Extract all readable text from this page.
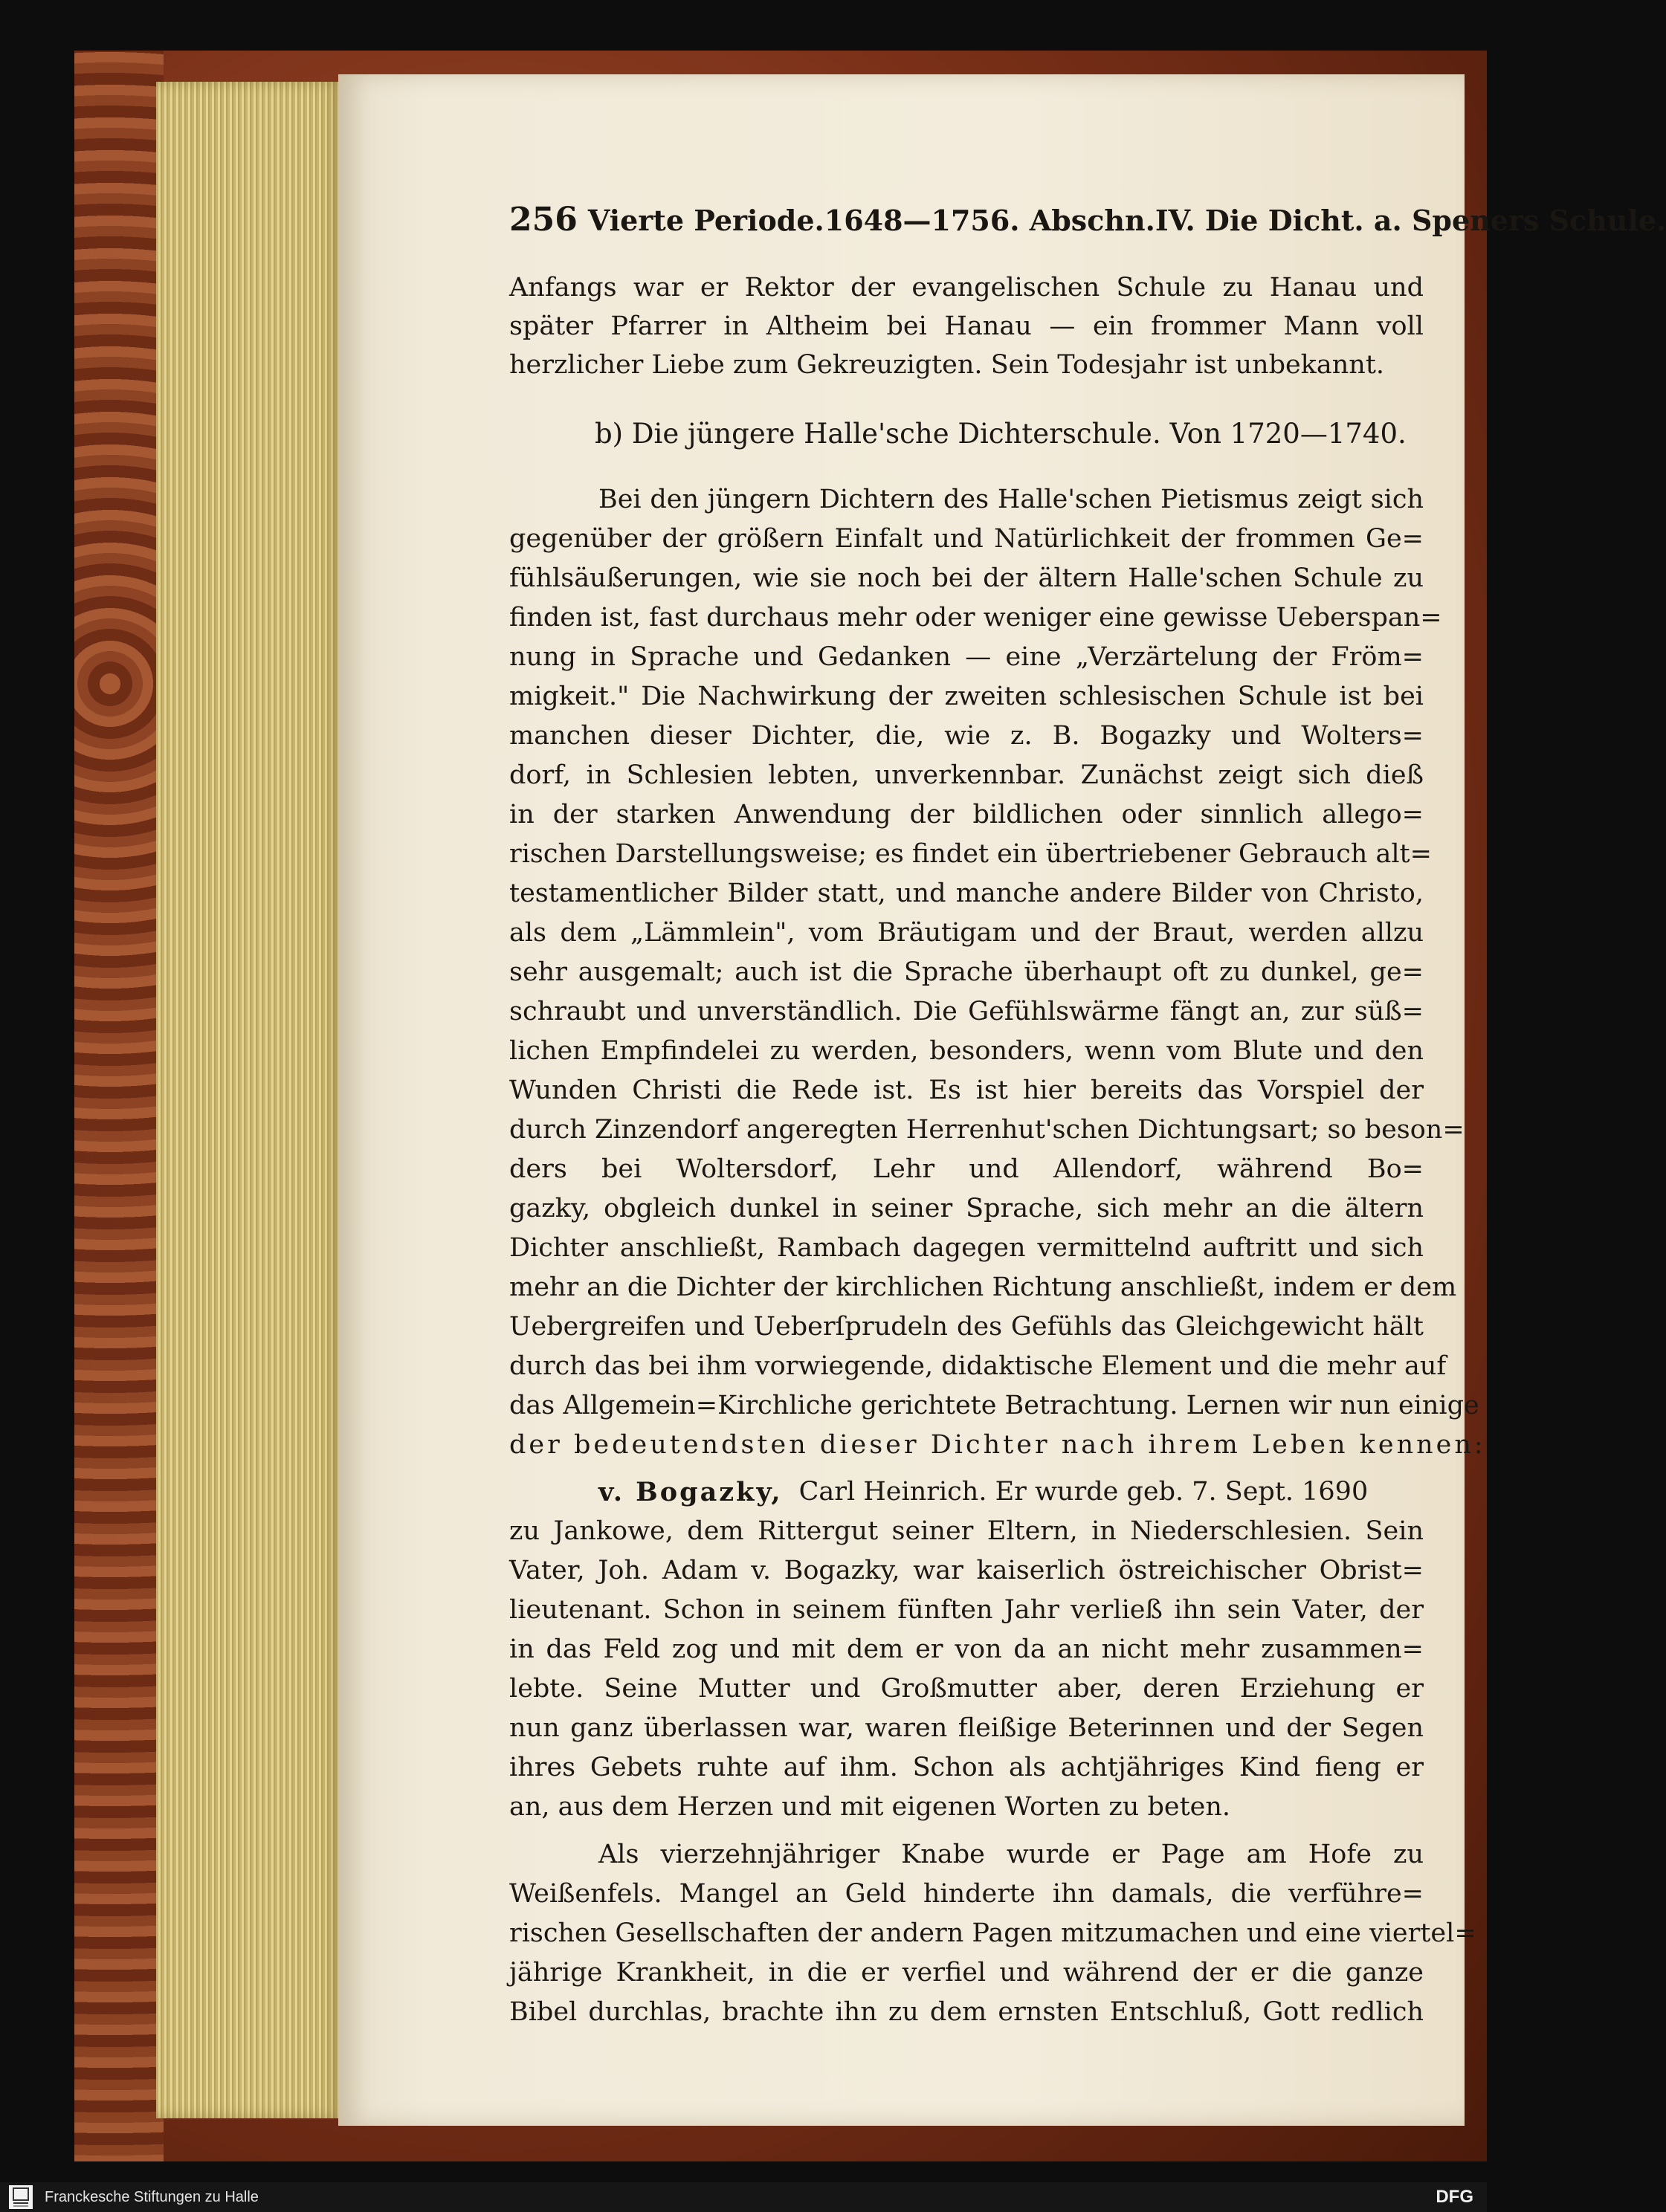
256 Vierte Periode.1648—1756. Abschn.IV. Die Dicht. a. Speners Schule.
Anfangs war er Rektor der evangelischen Schule zu Hanau und
später Pfarrer in Altheim bei Hanau — ein frommer Mann voll
herzlicher Liebe zum Gekreuzigten. Sein Todesjahr ist unbekannt.
b) Die jüngere Halle'sche Dichterschule. Von 1720—1740.
Bei den jüngern Dichtern des Halle'schen Pietismus zeigt sich
gegenüber der größern Einfalt und Natürlichkeit der frommen Ge=
fühlsäußerungen, wie sie noch bei der ältern Halle'schen Schule zu
finden ist, fast durchaus mehr oder weniger eine gewisse Ueberspan=
nung in Sprache und Gedanken — eine „Verzärtelung der Fröm=
migkeit." Die Nachwirkung der zweiten schlesischen Schule ist bei
manchen dieser Dichter, die, wie z. B. Bogazky und Wolters=
dorf, in Schlesien lebten, unverkennbar. Zunächst zeigt sich dieß
in der starken Anwendung der bildlichen oder sinnlich allego=
rischen Darstellungsweise; es findet ein übertriebener Gebrauch alt=
testamentlicher Bilder statt, und manche andere Bilder von Christo,
als dem „Lämmlein", vom Bräutigam und der Braut, werden allzu
sehr ausgemalt; auch ist die Sprache überhaupt oft zu dunkel, ge=
schraubt und unverständlich. Die Gefühlswärme fängt an, zur süß=
lichen Empfindelei zu werden, besonders, wenn vom Blute und den
Wunden Christi die Rede ist. Es ist hier bereits das Vorspiel der
durch Zinzendorf angeregten Herrenhut'schen Dichtungsart; so beson=
ders bei Woltersdorf, Lehr und Allendorf, während Bo=
gazky, obgleich dunkel in seiner Sprache, sich mehr an die ältern
Dichter anschließt, Rambach dagegen vermittelnd auftritt und sich
mehr an die Dichter der kirchlichen Richtung anschließt, indem er dem
Uebergreifen und Ueberſprudeln des Gefühls das Gleichgewicht hält
durch das bei ihm vorwiegende, didaktische Element und die mehr auf
das Allgemein=Kirchliche gerichtete Betrachtung. Lernen wir nun einige
der bedeutendsten dieser Dichter nach ihrem Leben kennen:
v. Bogazky, Carl Heinrich. Er wurde geb. 7. Sept. 1690
zu Jankowe, dem Rittergut seiner Eltern, in Niederschlesien. Sein
Vater, Joh. Adam v. Bogazky, war kaiserlich östreichischer Obrist=
lieutenant. Schon in seinem fünften Jahr verließ ihn sein Vater, der
in das Feld zog und mit dem er von da an nicht mehr zusammen=
lebte. Seine Mutter und Großmutter aber, deren Erziehung er
nun ganz überlassen war, waren fleißige Beterinnen und der Segen
ihres Gebets ruhte auf ihm. Schon als achtjähriges Kind fieng er
an, aus dem Herzen und mit eigenen Worten zu beten.
Als vierzehnjähriger Knabe wurde er Page am Hofe zu
Weißenfels. Mangel an Geld hinderte ihn damals, die verführe=
rischen Gesellschaften der andern Pagen mitzumachen und eine viertel=
jährige Krankheit, in die er verfiel und während der er die ganze
Bibel durchlas, brachte ihn zu dem ernsten Entschluß, Gott redlich
Franckesche Stiftungen zu Halle	DFG
